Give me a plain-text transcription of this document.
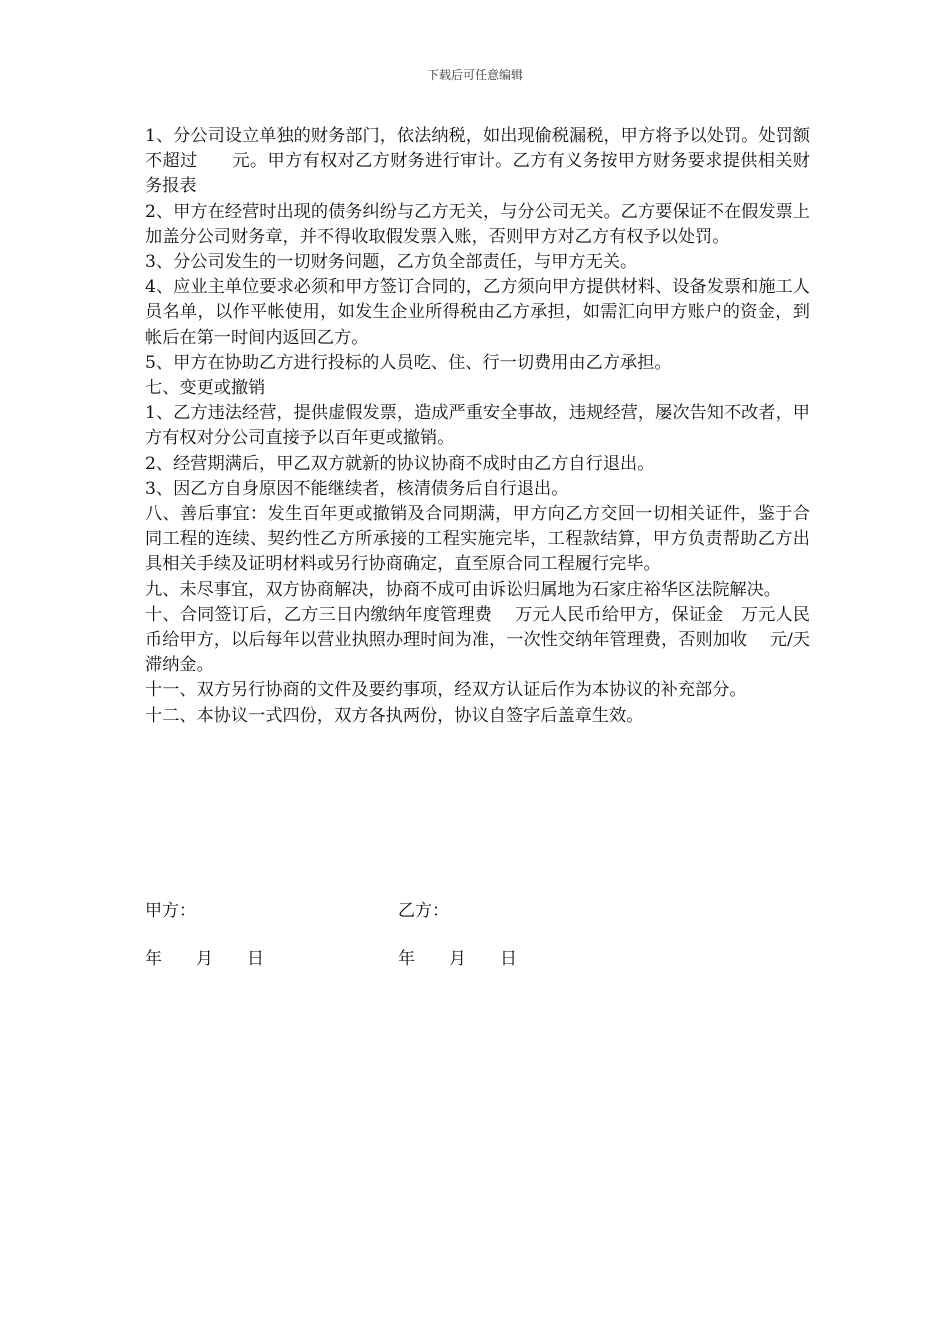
下载后可任意编辑

1、分公司设立单独的财务部门，依法纳税，如出现偷税漏税，甲方将予以处罚。处罚额不超过　　元。甲方有权对乙方财务进行审计。乙方有义务按甲方财务要求提供相关财务报表

2、甲方在经营时出现的债务纠纷与乙方无关，与分公司无关。乙方要保证不在假发票上加盖分公司财务章，并不得收取假发票入账，否则甲方对乙方有权予以处罚。

3、分公司发生的一切财务问题，乙方负全部责任，与甲方无关。

4、应业主单位要求必须和甲方签订合同的，乙方须向甲方提供材料、设备发票和施工人员名单，以作平帐使用，如发生企业所得税由乙方承担，如需汇向甲方账户的资金，到帐后在第一时间内返回乙方。

5、甲方在协助乙方进行投标的人员吃、住、行一切费用由乙方承担。

七、变更或撤销

1、乙方违法经营，提供虚假发票，造成严重安全事故，违规经营，屡次告知不改者，甲方有权对分公司直接予以百年更或撤销。

2、经营期满后，甲乙双方就新的协议协商不成时由乙方自行退出。

3、因乙方自身原因不能继续者，核清债务后自行退出。

八、善后事宜：发生百年更或撤销及合同期满，甲方向乙方交回一切相关证件，鉴于合同工程的连续、契约性乙方所承接的工程实施完毕，工程款结算，甲方负责帮助乙方出具相关手续及证明材料或另行协商确定，直至原合同工程履行完毕。

九、未尽事宜，双方协商解决，协商不成可由诉讼归属地为石家庄裕华区法院解决。

十、合同签订后，乙方三日内缴纳年度管理费　 万元人民币给甲方，保证金　万元人民币给甲方，以后每年以营业执照办理时间为准，一次性交纳年管理费，否则加收　 元/天滞纳金。

十一、双方另行协商的文件及要约事项，经双方认证后作为本协议的补充部分。

十二、本协议一式四份，双方各执两份，协议自签字后盖章生效。

甲方：	乙方：
年　　月　　日	年　　月　　日
